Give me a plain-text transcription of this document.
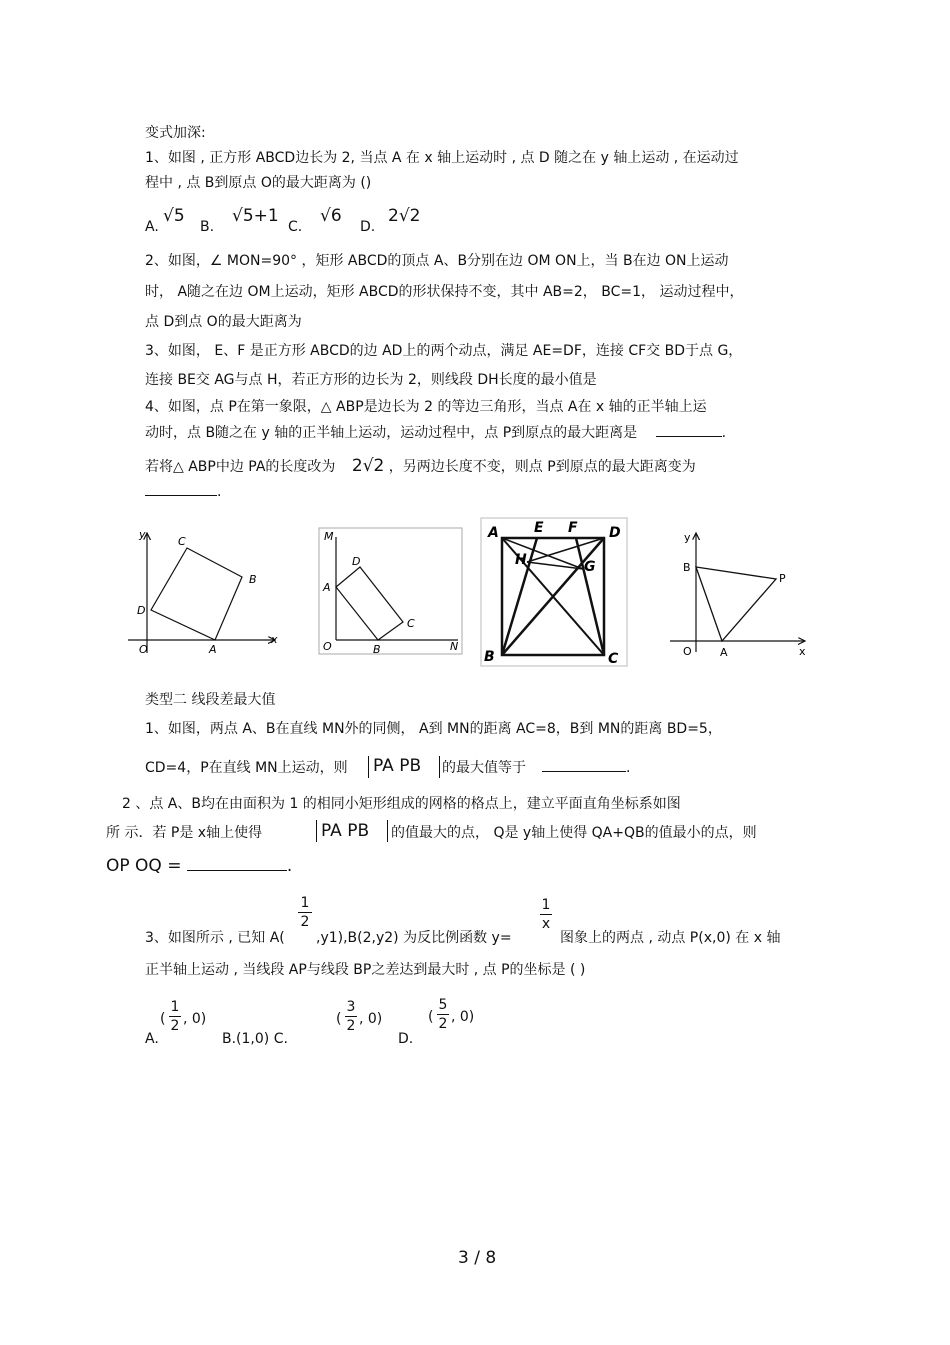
变式加深:
1、如图 , 正方形 ABCD边长为 2, 当点 A 在 x 轴上运动时 , 点 D 随之在 y 轴上运动 , 在运动过
程中 , 点 B到原点 O的最大距离为 ()
A.
√5
B.
√5+1
C.
√6
D.
2√2
2、如图，∠ MON=90° ，矩形 ABCD的顶点 A、B分别在边 OM ON上，当 B在边 ON上运动
时， A随之在边 OM上运动，矩形 ABCD的形状保持不变，其中 AB=2， BC=1， 运动过程中，
点 D到点 O的最大距离为
3、如图， E、F 是正方形 ABCD的边 AD上的两个动点，满足 AE=DF，连接 CF交 BD于点 G，
连接 BE交 AG与点 H，若正方形的边长为 2，则线段 DH长度的最小值是
4、如图，点 P在第一象限，△ ABP是边长为 2 的等边三角形，当点 A在 x 轴的正半轴上运
动时，点 B随之在 y 轴的正半轴上运动，运动过程中，点 P到原点的最大距离是	.
若将△ ABP中边 PA的长度改为 2√2 ，另两边长度不变，则点 P到原点的最大距离变为
.
y
C
B
D
O	A
x
M
D
A
C
O	B	N
A	E F D
H	G
B	C
y
B
P
O	A	x
类型二 线段差最大值
1、如图，两点 A、B在直线 MN外的同侧， A到 MN的距离 AC=8，B到 MN的距离 BD=5，
CD=4，P在直线 MN上运动，则 PA PB 的最大值等于	.
2 、点 A、B均在由面积为 1 的相同小矩形组成的网格的格点上，建立平面直角坐标系如图
所 示．若 P是 x轴上使得	PA PB 的值最大的点， Q是 y轴上使得 QA+QB的值最小的点，则
OP OQ =	.
3、如图所示 , 已知 A(
1
2
,y1),B(2,y2) 为反比例函数 y=
1
x
图象上的两点 , 动点 P(x,0) 在 x 轴
正半轴上运动 , 当线段 AP与线段 BP之差达到最大时 , 点 P的坐标是 ( )
A.
(
1
2 , 0)
B.(1,0) C.
(
3
2 , 0)
D.
(
5
2 , 0)
3 / 8
